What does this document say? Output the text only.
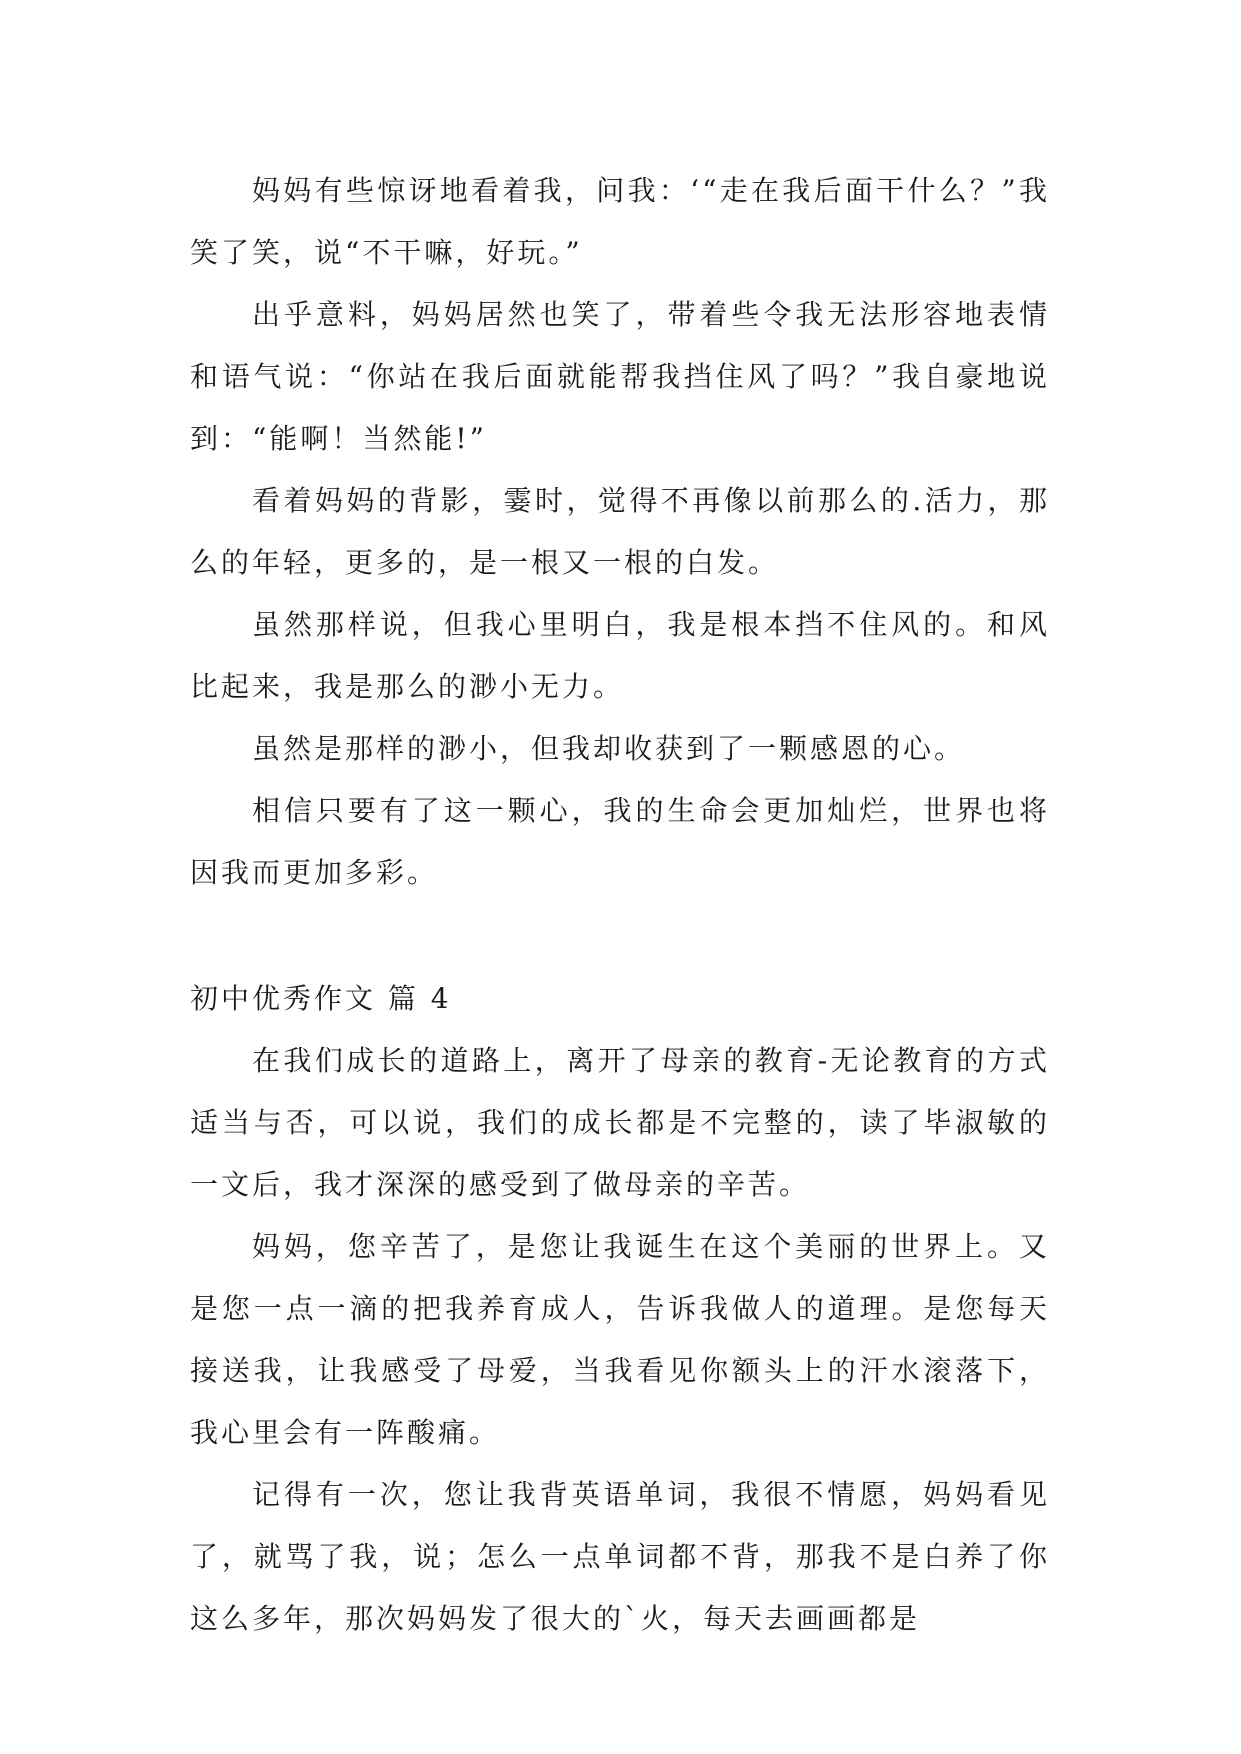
妈妈有些惊讶地看着我，问我：‘“走在我后面干什么？”我笑了笑，说“不干嘛，好玩。”

出乎意料，妈妈居然也笑了，带着些令我无法形容地表情和语气说：“你站在我后面就能帮我挡住风了吗？”我自豪地说到：“能啊！当然能!”

看着妈妈的背影，霎时，觉得不再像以前那么的.活力，那么的年轻，更多的，是一根又一根的白发。

虽然那样说，但我心里明白，我是根本挡不住风的。和风比起来，我是那么的渺小无力。

虽然是那样的渺小，但我却收获到了一颗感恩的心。

相信只要有了这一颗心，我的生命会更加灿烂，世界也将因我而更加多彩。

初中优秀作文 篇 4

在我们成长的道路上，离开了母亲的教育-无论教育的方式适当与否，可以说，我们的成长都是不完整的，读了毕淑敏的一文后，我才深深的感受到了做母亲的辛苦。

妈妈，您辛苦了，是您让我诞生在这个美丽的世界上。又是您一点一滴的把我养育成人，告诉我做人的道理。是您每天接送我，让我感受了母爱，当我看见你额头上的汗水滚落下，我心里会有一阵酸痛。

记得有一次，您让我背英语单词，我很不情愿，妈妈看见了，就骂了我，说；怎么一点单词都不背，那我不是白养了你这么多年，那次妈妈发了很大的`火，每天去画画都是
